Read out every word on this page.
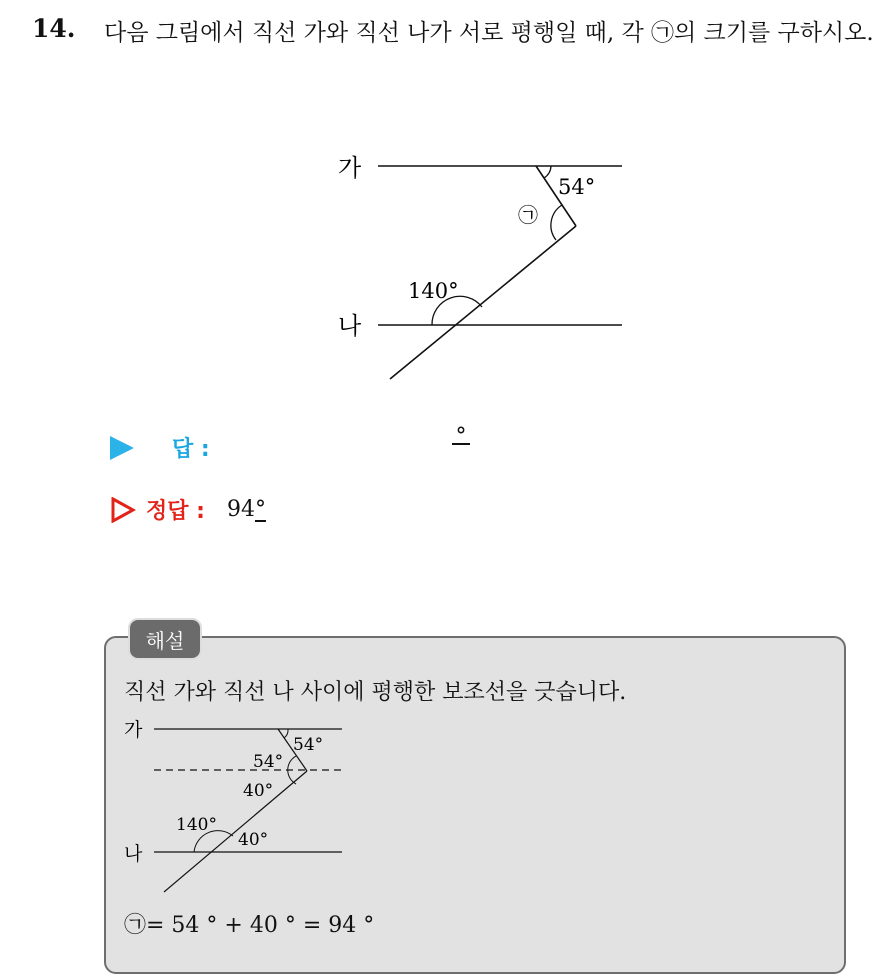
14. 다음 그림에서 직선 가와 직선 나가 서로 평행일 때, 각 ㉠의 크기를 구하시오.
가
나
54°
㉠
140°
답 :
°
정답 : 94°
해설
직선 가와 직선 나 사이에 평행한 보조선을 긋습니다.
가
나
54°
54°
40°
140°
40°
㉠= 54 ° + 40 ° = 94 °
